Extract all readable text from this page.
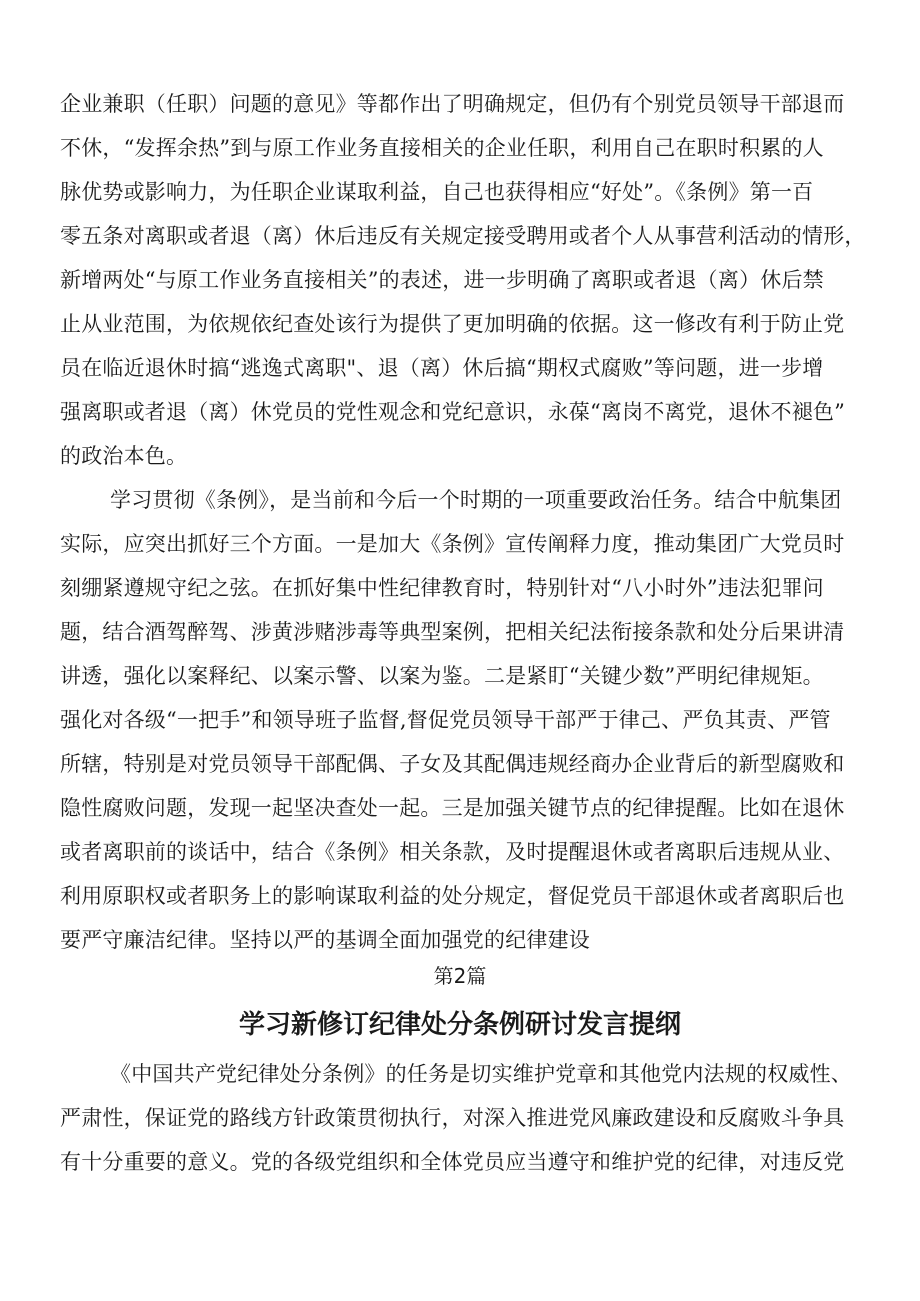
企业兼职（任职）问题的意见》等都作出了明确规定，但仍有个别党员领导干部退而
不休，“发挥余热”到与原工作业务直接相关的企业任职，利用自己在职时积累的人
脉优势或影响力，为任职企业谋取利益，自己也获得相应“好处”。《条例》第一百
零五条对离职或者退（离）休后违反有关规定接受聘用或者个人从事营利活动的情形，
新增两处“与原工作业务直接相关”的表述，进一步明确了离职或者退（离）休后禁
止从业范围，为依规依纪查处该行为提供了更加明确的依据。这一修改有利于防止党
员在临近退休时搞“逃逸式离职"、退（离）休后搞“期权式腐败”等问题，进一步增
强离职或者退（离）休党员的党性观念和党纪意识，永葆“离岗不离党，退休不褪色”
的政治本色。
学习贯彻《条例》，是当前和今后一个时期的一项重要政治任务。结合中航集团
实际，应突出抓好三个方面。一是加大《条例》宣传阐释力度，推动集团广大党员时
刻绷紧遵规守纪之弦。在抓好集中性纪律教育时，特别针对“八小时外”违法犯罪问
题，结合酒驾醉驾、涉黄涉赌涉毒等典型案例，把相关纪法衔接条款和处分后果讲清
讲透，强化以案释纪、以案示警、以案为鉴。二是紧盯“关键少数”严明纪律规矩。
强化对各级“一把手”和领导班子监督,督促党员领导干部严于律己、严负其责、严管
所辖，特别是对党员领导干部配偶、子女及其配偶违规经商办企业背后的新型腐败和
隐性腐败问题，发现一起坚决查处一起。三是加强关键节点的纪律提醒。比如在退休
或者离职前的谈话中，结合《条例》相关条款，及时提醒退休或者离职后违规从业、
利用原职权或者职务上的影响谋取利益的处分规定，督促党员干部退休或者离职后也
要严守廉洁纪律。坚持以严的基调全面加强党的纪律建设
第2篇
学习新修订纪律处分条例研讨发言提纲
《中国共产党纪律处分条例》的任务是切实维护党章和其他党内法规的权威性、
严肃性，保证党的路线方针政策贯彻执行，对深入推进党风廉政建设和反腐败斗争具
有十分重要的意义。党的各级党组织和全体党员应当遵守和维护党的纪律，对违反党
